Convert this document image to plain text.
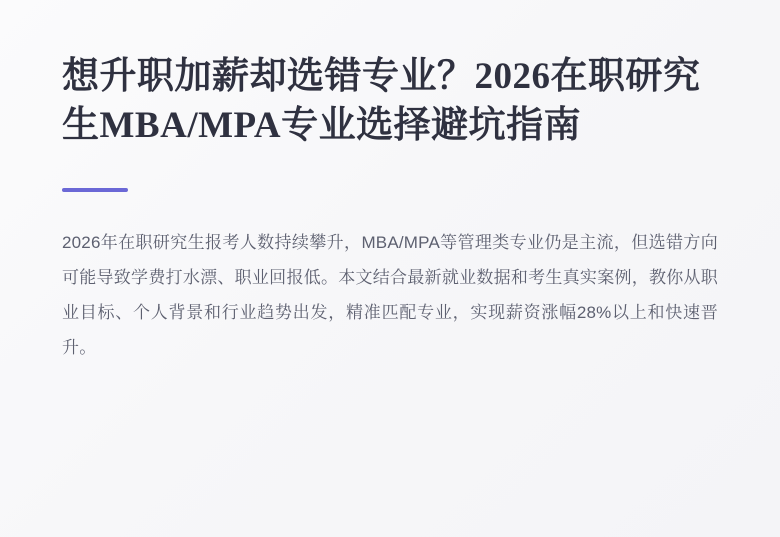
想升职加薪却选错专业？2026在职研究生MBA/MPA专业选择避坑指南

2026年在职研究生报考人数持续攀升，MBA/MPA等管理类专业仍是主流，但选错方向可能导致学费打水漂、职业回报低。本文结合最新就业数据和考生真实案例，教你从职业目标、个人背景和行业趋势出发，精准匹配专业，实现薪资涨幅28%以上和快速晋升。
